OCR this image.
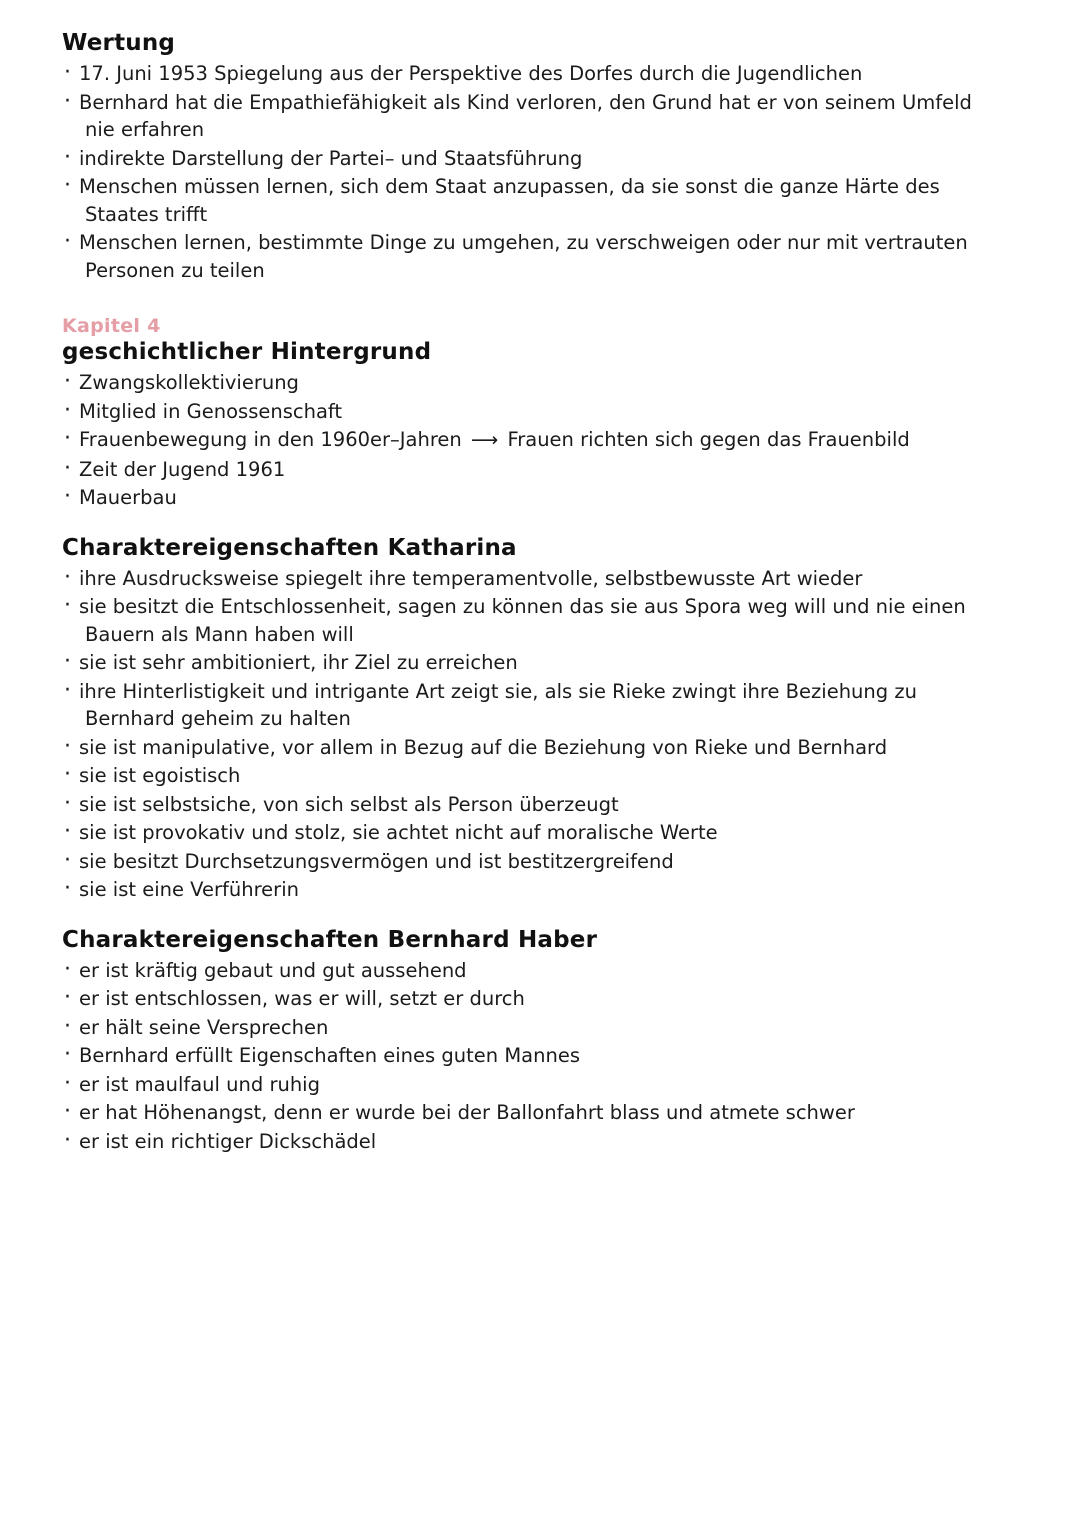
Wertung
· 17. Juni 1953 Spiegelung aus der Perspektive des Dorfes durch die Jugendlichen
· Bernhard hat die Empathiefähigkeit als Kind verloren, den Grund hat er von seinem Umfeld
nie erfahren
· indirekte Darstellung der Partei– und Staatsführung
· Menschen müssen lernen, sich dem Staat anzupassen, da sie sonst die ganze Härte des
Staates trifft
· Menschen lernen, bestimmte Dinge zu umgehen, zu verschweigen oder nur mit vertrauten
Personen zu teilen
Kapitel 4
geschichtlicher Hintergrund
· Zwangskollektivierung
· Mitglied in Genossenschaft
· Frauenbewegung in den 1960er–Jahren ⟶ Frauen richten sich gegen das Frauenbild
· Zeit der Jugend 1961
· Mauerbau
Charaktereigenschaften Katharina
· ihre Ausdrucksweise spiegelt ihre temperamentvolle, selbstbewusste Art wieder
· sie besitzt die Entschlossenheit, sagen zu können das sie aus Spora weg will und nie einen
Bauern als Mann haben will
· sie ist sehr ambitioniert, ihr Ziel zu erreichen
· ihre Hinterlistigkeit und intrigante Art zeigt sie, als sie Rieke zwingt ihre Beziehung zu
Bernhard geheim zu halten
· sie ist manipulative, vor allem in Bezug auf die Beziehung von Rieke und Bernhard
· sie ist egoistisch
· sie ist selbstsiche, von sich selbst als Person überzeugt
· sie ist provokativ und stolz, sie achtet nicht auf moralische Werte
· sie besitzt Durchsetzungsvermögen und ist bestitzergreifend
· sie ist eine Verführerin
Charaktereigenschaften Bernhard Haber
· er ist kräftig gebaut und gut aussehend
· er ist entschlossen, was er will, setzt er durch
· er hält seine Versprechen
· Bernhard erfüllt Eigenschaften eines guten Mannes
· er ist maulfaul und ruhig
· er hat Höhenangst, denn er wurde bei der Ballonfahrt blass und atmete schwer
· er ist ein richtiger Dickschädel
